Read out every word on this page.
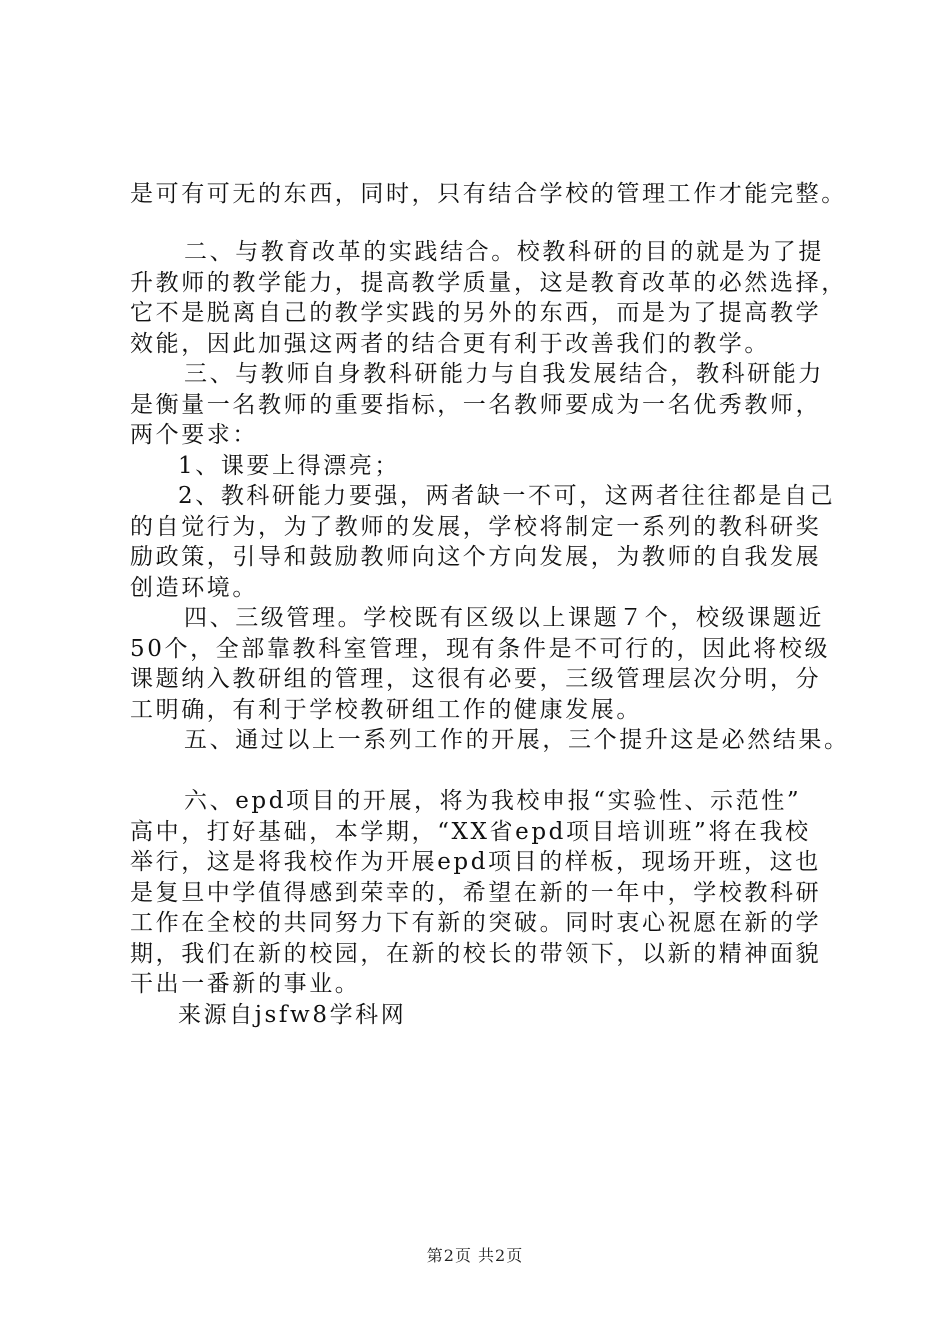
是可有可无的东西，同时，只有结合学校的管理工作才能完整。
二、与教育改革的实践结合。校教科研的目的就是为了提
升教师的教学能力，提高教学质量，这是教育改革的必然选择，
它不是脱离自己的教学实践的另外的东西，而是为了提高教学
效能，因此加强这两者的结合更有利于改善我们的教学。
三、与教师自身教科研能力与自我发展结合，教科研能力
是衡量一名教师的重要指标，一名教师要成为一名优秀教师，
两个要求：
1、课要上得漂亮；
2、教科研能力要强，两者缺一不可，这两者往往都是自己
的自觉行为，为了教师的发展，学校将制定一系列的教科研奖
励政策，引导和鼓励教师向这个方向发展，为教师的自我发展
创造环境。
四、三级管理。学校既有区级以上课题７个，校级课题近
50个，全部靠教科室管理，现有条件是不可行的，因此将校级
课题纳入教研组的管理，这很有必要，三级管理层次分明，分
工明确，有利于学校教研组工作的健康发展。
五、通过以上一系列工作的开展，三个提升这是必然结果。
六、epd项目的开展，将为我校申报“实验性、示范性”
高中，打好基础，本学期，“XX省epd项目培训班”将在我校
举行，这是将我校作为开展epd项目的样板，现场开班，这也
是复旦中学值得感到荣幸的，希望在新的一年中，学校教科研
工作在全校的共同努力下有新的突破。同时衷心祝愿在新的学
期，我们在新的校园，在新的校长的带领下，以新的精神面貌
干出一番新的事业。
来源自jsfw8学科网
第2页 共2页
